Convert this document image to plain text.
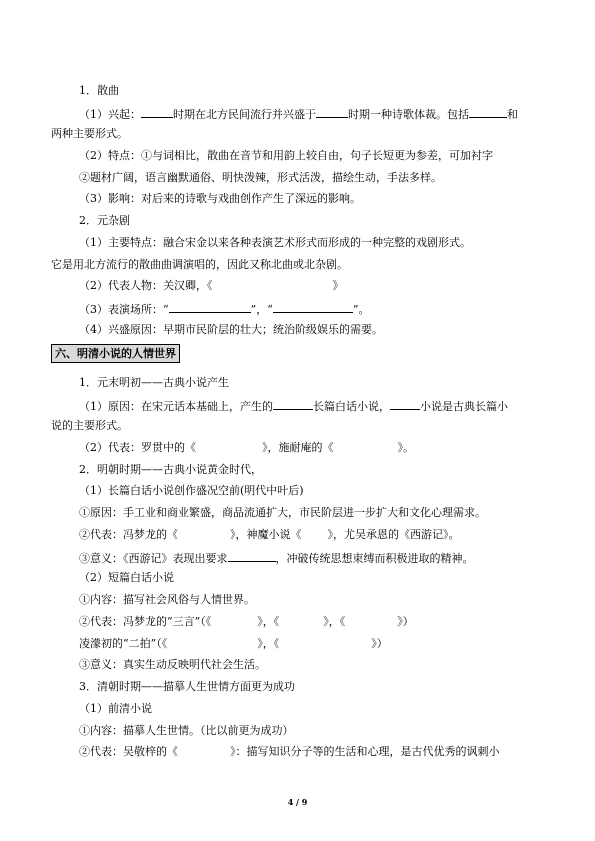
1．散曲
（1）兴起：	时期在北方民间流行并兴盛于	时期一种诗歌体裁。包括	和
两种主要形式。
（2）特点：①与词相比，散曲在音节和用韵上较自由，句子长短更为参差，可加衬字
②题材广阔，语言幽默通俗、明快泼辣，形式活泼，描绘生动，手法多样。
（3）影响：对后来的诗歌与戏曲创作产生了深远的影响。
2．元杂剧
（1）主要特点：融合宋金以来各种表演艺术形式而形成的一种完整的戏剧形式。
它是用北方流行的散曲曲调演唱的，因此又称北曲或北杂剧。
（2）代表人物：关汉卿，《	》
（3）表演场所：“	”，“	”。
（4）兴盛原因：早期市民阶层的壮大；统治阶级娱乐的需要。
六、明清小说的人情世界
1．元末明初——古典小说产生
（1）原因：在宋元话本基础上，产生的	长篇白话小说，	小说是古典长篇小
说的主要形式。
（2）代表：罗贯中的《	》，施耐庵的《	》。
2．明朝时期——古典小说黄金时代，
（1）长篇白话小说创作盛况空前(明代中叶后)
①原因：手工业和商业繁盛，商品流通扩大，市民阶层进一步扩大和文化心理需求。
②代表：冯梦龙的《	》，神魔小说《 》，尤吴承恩的《西游记》。
③意义：《西游记》表现出要求	，冲破传统思想束缚而积极进取的精神。
（2）短篇白话小说
①内容：描写社会风俗与人情世界。
②代表：冯梦龙的“三言”（《	》，《	》，《	》）
凌濛初的“二拍”（《	》，《	》）
③意义：真实生动反映明代社会生活。
3．清朝时期——描摹人生世情方面更为成功
（1）前清小说
①内容：描摹人生世情。（比以前更为成功）
②代表：吴敬梓的《	》：描写知识分子等的生活和心理，是古代优秀的讽刺小
4 / 9
